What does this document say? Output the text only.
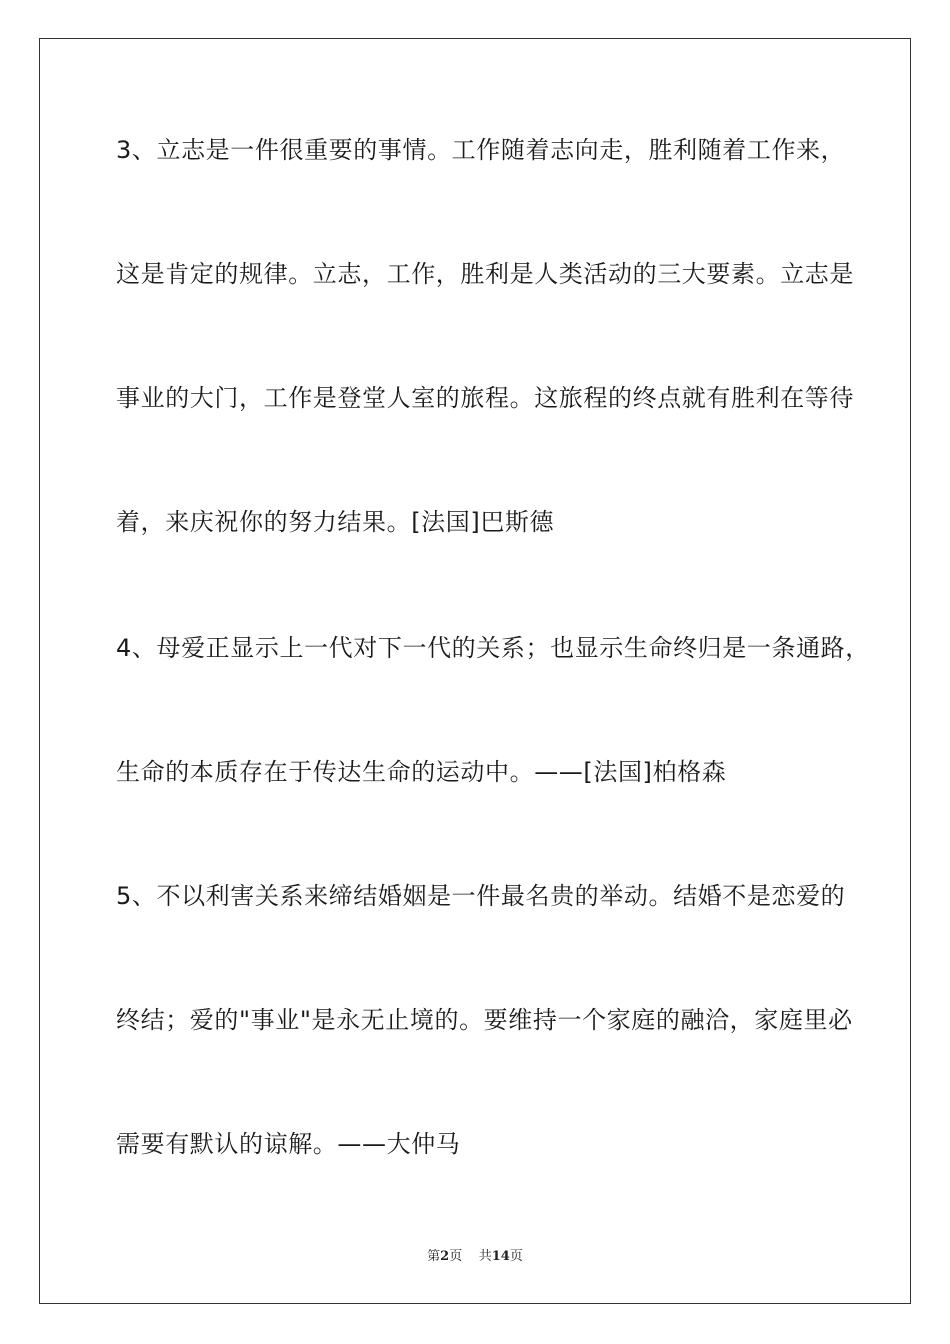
3、立志是一件很重要的事情。工作随着志向走，胜利随着工作来，
这是肯定的规律。立志，工作，胜利是人类活动的三大要素。立志是
事业的大门，工作是登堂人室的旅程。这旅程的终点就有胜利在等待
着，来庆祝你的努力结果。[法国]巴斯德
4、母爱正显示上一代对下一代的关系；也显示生命终归是一条通路，
生命的本质存在于传达生命的运动中。——[法国]柏格森
5、不以利害关系来缔结婚姻是一件最名贵的举动。结婚不是恋爱的
终结；爱的"事业"是永无止境的。要维持一个家庭的融洽，家庭里必
需要有默认的谅解。——大仲马
第2页 共14页
